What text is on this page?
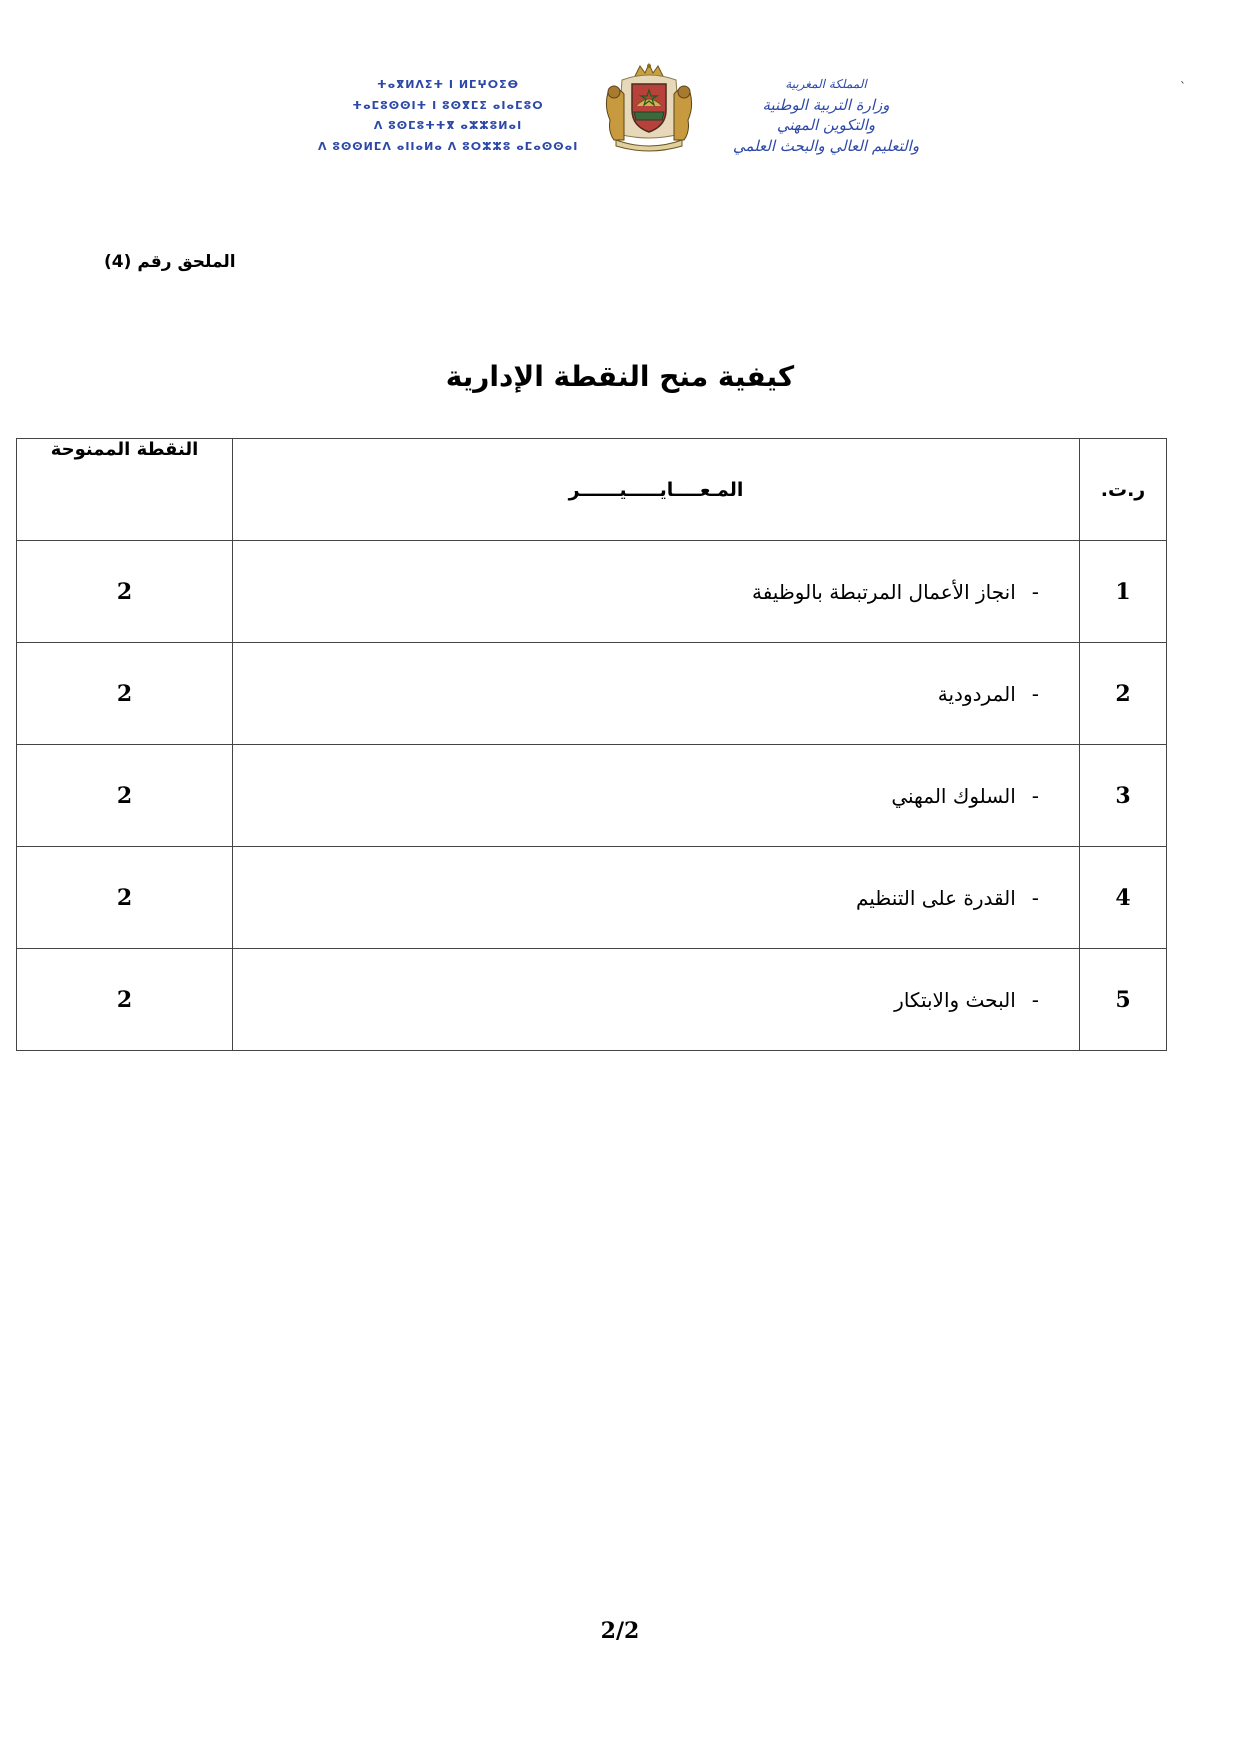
ⵜⴰⴳⵍⴷⵉⵜ ⵏ ⵍⵎⵖⵔⵉⴱ
ⵜⴰⵎⵓⵙⵙⵏⵜ ⵏ ⵓⵙⴳⵎⵉ ⴰⵏⴰⵎⵓⵔ
ⴷ ⵓⵙⵎⵓⵜⵜⴳ ⴰⵣⵣⵓⵍⴰⵏ
ⴷ ⵓⵙⵙⵍⵎⴷ ⴰⵏⵏⴰⵍⴰ ⴷ ⵓⵔⵣⵣⵓ ⴰⵎⴰⵙⵙⴰⵏ
المملكة المغربية
وزارة التربية الوطنية
والتكوين المهني
والتعليم العالي والبحث العلمي
`
الملحق رقم (4)
كيفية منح النقطة الإدارية
ر.ت.	المـعــــايـــــيــــــر	النقطة الممنوحة
1	-انجاز الأعمال المرتبطة بالوظيفة	2
2	-المردودية	2
3	-السلوك المهني	2
4	-القدرة على التنظيم	2
5	-البحث والابتكار	2
2/2
